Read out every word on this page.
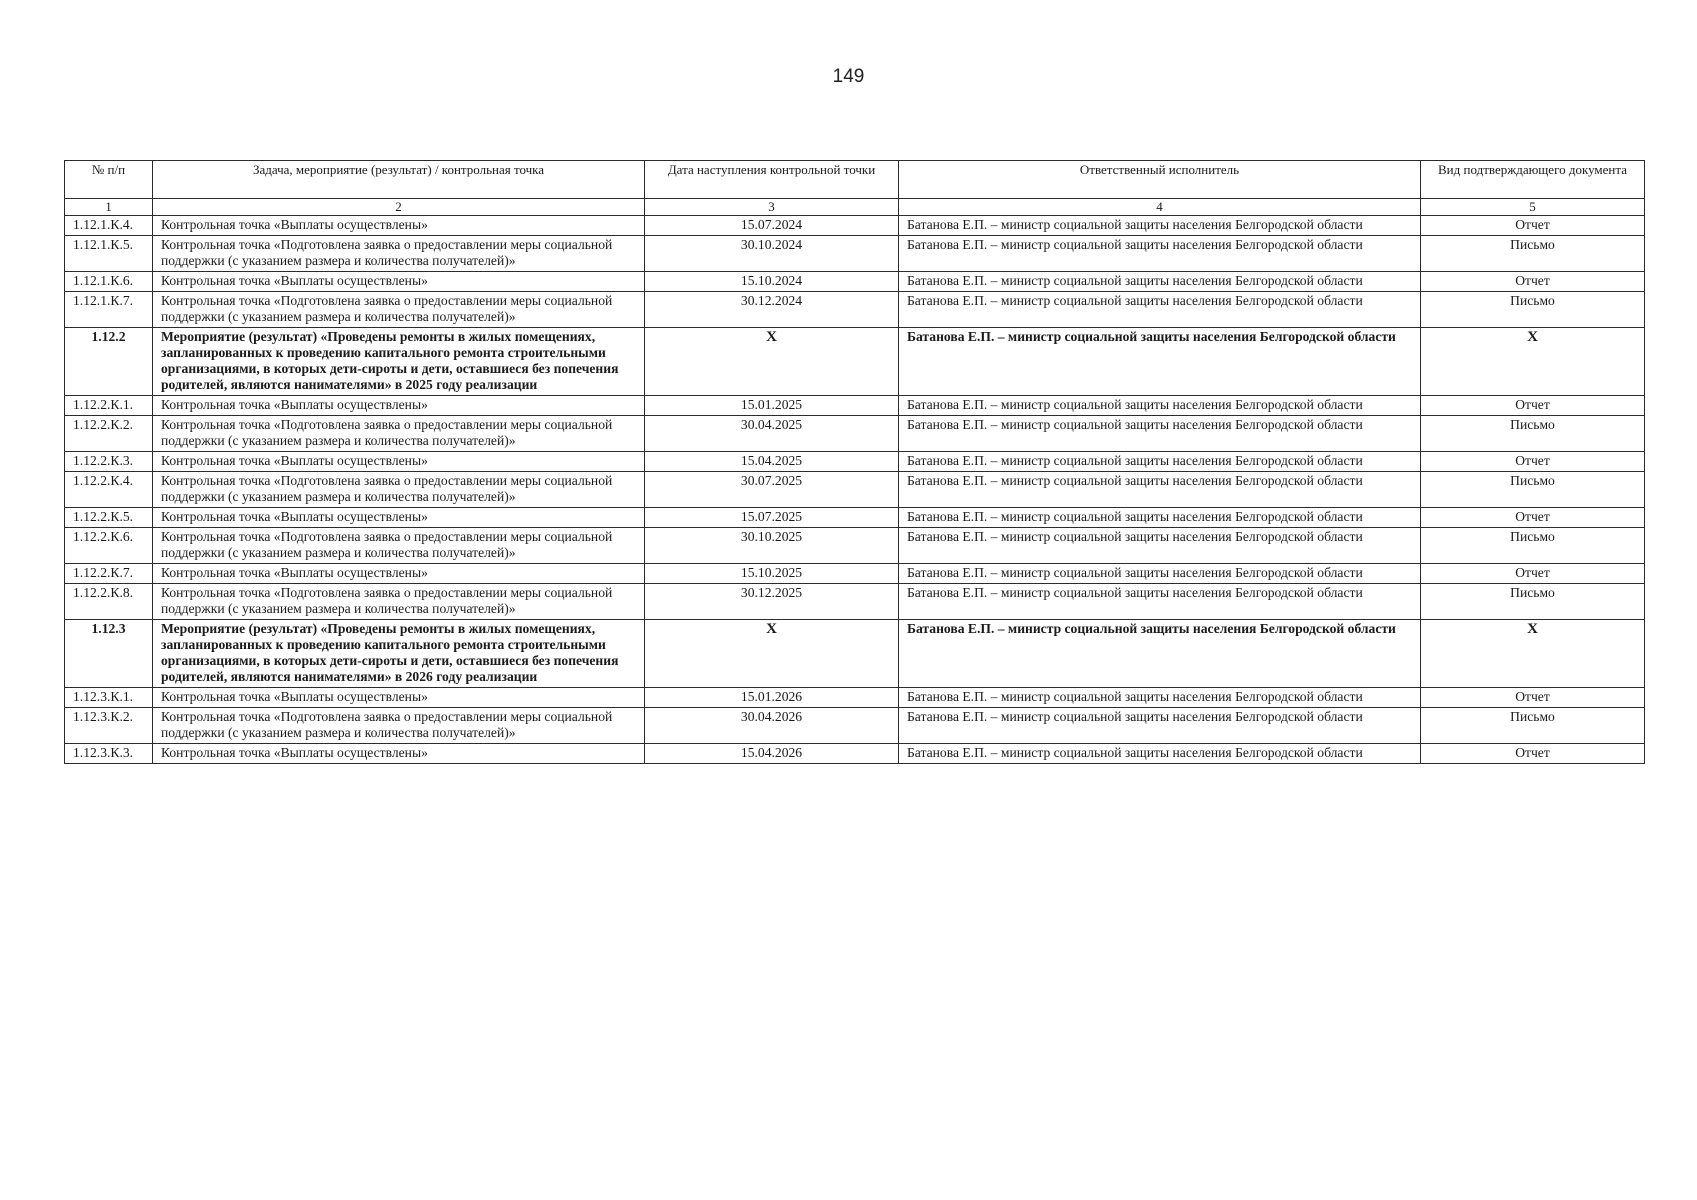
149
№ п/п	Задача, мероприятие (результат) / контрольная точка	Дата наступления контрольной точки	Ответственный исполнитель	Вид подтверждающего документа
1	2	3	4	5
1.12.1.К.4.	Контрольная точка «Выплаты осуществлены»	15.07.2024	Батанова Е.П. – министр социальной защиты населения Белгородской области	Отчет
1.12.1.К.5.	Контрольная точка «Подготовлена заявка о предоставлении меры социальной поддержки (с указанием размера и количества получателей)»	30.10.2024	Батанова Е.П. – министр социальной защиты населения Белгородской области	Письмо
1.12.1.К.6.	Контрольная точка «Выплаты осуществлены»	15.10.2024	Батанова Е.П. – министр социальной защиты населения Белгородской области	Отчет
1.12.1.К.7.	Контрольная точка «Подготовлена заявка о предоставлении меры социальной поддержки (с указанием размера и количества получателей)»	30.12.2024	Батанова Е.П. – министр социальной защиты населения Белгородской области	Письмо
1.12.2	Мероприятие (результат) «Проведены ремонты в жилых помещениях, запланированных к проведению капитального ремонта строительными организациями, в которых дети-сироты и дети, оставшиеся без попечения родителей, являются нанимателями» в 2025 году реализации	Х	Батанова Е.П. – министр социальной защиты населения Белгородской области	Х
1.12.2.К.1.	Контрольная точка «Выплаты осуществлены»	15.01.2025	Батанова Е.П. – министр социальной защиты населения Белгородской области	Отчет
1.12.2.К.2.	Контрольная точка «Подготовлена заявка о предоставлении меры социальной поддержки (с указанием размера и количества получателей)»	30.04.2025	Батанова Е.П. – министр социальной защиты населения Белгородской области	Письмо
1.12.2.К.3.	Контрольная точка «Выплаты осуществлены»	15.04.2025	Батанова Е.П. – министр социальной защиты населения Белгородской области	Отчет
1.12.2.К.4.	Контрольная точка «Подготовлена заявка о предоставлении меры социальной поддержки (с указанием размера и количества получателей)»	30.07.2025	Батанова Е.П. – министр социальной защиты населения Белгородской области	Письмо
1.12.2.К.5.	Контрольная точка «Выплаты осуществлены»	15.07.2025	Батанова Е.П. – министр социальной защиты населения Белгородской области	Отчет
1.12.2.К.6.	Контрольная точка «Подготовлена заявка о предоставлении меры социальной поддержки (с указанием размера и количества получателей)»	30.10.2025	Батанова Е.П. – министр социальной защиты населения Белгородской области	Письмо
1.12.2.К.7.	Контрольная точка «Выплаты осуществлены»	15.10.2025	Батанова Е.П. – министр социальной защиты населения Белгородской области	Отчет
1.12.2.К.8.	Контрольная точка «Подготовлена заявка о предоставлении меры социальной поддержки (с указанием размера и количества получателей)»	30.12.2025	Батанова Е.П. – министр социальной защиты населения Белгородской области	Письмо
1.12.3	Мероприятие (результат) «Проведены ремонты в жилых помещениях, запланированных к проведению капитального ремонта строительными организациями, в которых дети-сироты и дети, оставшиеся без попечения родителей, являются нанимателями» в 2026 году реализации	Х	Батанова Е.П. – министр социальной защиты населения Белгородской области	Х
1.12.3.К.1.	Контрольная точка «Выплаты осуществлены»	15.01.2026	Батанова Е.П. – министр социальной защиты населения Белгородской области	Отчет
1.12.3.К.2.	Контрольная точка «Подготовлена заявка о предоставлении меры социальной поддержки (с указанием размера и количества получателей)»	30.04.2026	Батанова Е.П. – министр социальной защиты населения Белгородской области	Письмо
1.12.3.К.3.	Контрольная точка «Выплаты осуществлены»	15.04.2026	Батанова Е.П. – министр социальной защиты населения Белгородской области	Отчет
